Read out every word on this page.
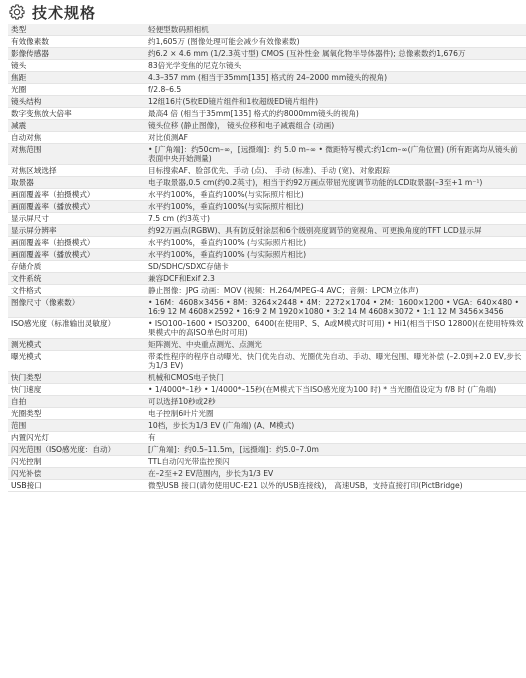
技术规格
类型	轻便型数码照相机
有效像素数	约1,605万 (图像处理可能会减少有效像素数)
影像传感器	约6.2 × 4.6 mm (1/2.3英寸型) CMOS (互补性金 属氧化物半导体器件); 总像素数约1,676万
镜头	83倍光学变焦的尼克尔镜头
焦距	4.3–357 mm (相当于35mm[135] 格式的 24–2000 mm镜头的视角)
光圈	f/2.8–6.5
镜头结构	12组16片(5枚ED镜片组件和1枚超级ED镜片组件)
数字变焦放大倍率	最高4 倍 (相当于35mm[135] 格式的约8000mm镜头的视角)
减震	镜头位移 (静止图像)， 镜头位移和电子减震组合 (动画)
自动对焦	对比侦测AF
对焦范围	• [广角端]：约50cm–∞，[远摄端]：约 5.0 m–∞ • 微距特写模式:约1cm–∞(广角位置) (所有距离均从镜头前表面中央开始测量)
对焦区域选择	目标搜索AF、脸部优先、手动 (点)、 手动 (标准)、手动 (宽)、对象跟踪
取景器	电子取景器,0.5 cm(约0.2英寸)，相当于约92万画点带屈光度调节功能的LCD取景器(–3至+1 m⁻¹)
画面覆盖率（拍摄模式）	水平约100%，垂直约100%(与实际照片相比)
画面覆盖率（播放模式）	水平约100%，垂直约100%(与实际照片相比)
显示屏尺寸	7.5 cm (约3英寸)
显示屏分辨率	约92万画点(RGBW)、具有防反射涂层和6个级别亮度调节的宽视角、可更换角度的TFT LCD显示屏
画面覆盖率（拍摄模式）	水平约100%，垂直约100% (与实际照片相比)
画面覆盖率（播放模式）	水平约100%，垂直约100% (与实际照片相比)
存储介质	SD/SDHC/SDXC存储卡
文件系统	兼容DCF和Exif 2.3
文件格式	静止图像：JPG 动画：MOV (视频：H.264/MPEG-4 AVC；音频：LPCM立体声)
图像尺寸（像素数）	• 16M：4608×3456 • 8M：3264×2448 • 4M：2272×1704 • 2M：1600×1200 • VGA：640×480 • 16:9 12 M 4608×2592 • 16:9 2 M 1920×1080 • 3:2 14 M 4608×3072 • 1:1 12 M 3456×3456
ISO感光度（标准输出灵敏度）	• ISO100–1600 • ISO3200、6400(在使用P、S、A或M模式时可用) • Hi1(相当于ISO 12800)(在使用特殊效果模式中的高ISO单色时可用)
测光模式	矩阵测光、中央重点测光、点测光
曝光模式	带柔性程序的程序自动曝光、快门优先自动、光圈优先自动、手动、曝光包围、曝光补偿 (–2.0到+2.0 EV,步长为1/3 EV)
快门类型	机械和CMOS电子快门
快门速度	• 1/4000*–1秒 • 1/4000*–15秒(在M模式下当ISO感光度为100 时) * 当光圈值设定为 f/8 时 (广角端)
自拍	可以选择10秒或2秒
光圈类型	电子控制6叶片光圈
范围	10档，步长为1/3 EV (广角端) (A、M模式)
内置闪光灯	有
闪光范围（ISO感光度：自动）	[广角端]：约0.5–11.5m，[远摄端]：约5.0–7.0m
闪光控制	TTL自动闪光带监控预闪
闪光补偿	在–2至+2 EV范围内，步长为1/3 EV
USB接口	微型USB 接口(请勿使用UC-E21 以外的USB连接线)， 高速USB，支持直接打印(PictBridge)
